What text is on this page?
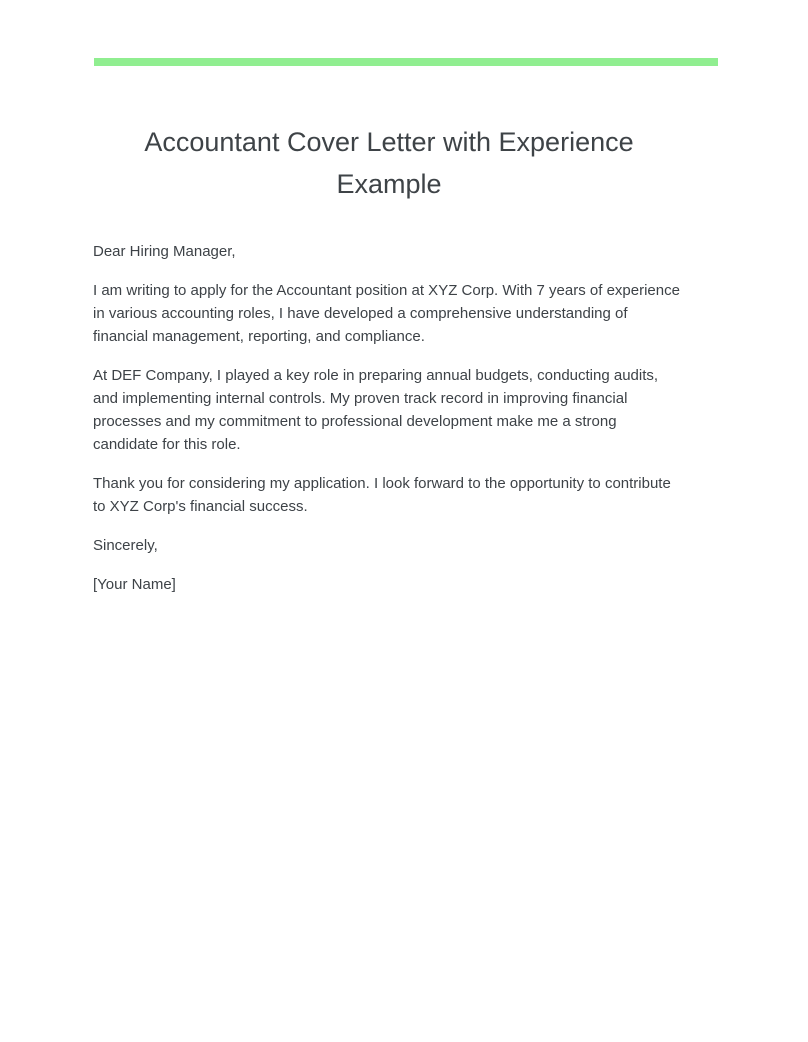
Accountant Cover Letter with Experience Example

Dear Hiring Manager,

I am writing to apply for the Accountant position at XYZ Corp. With 7 years of experience in various accounting roles, I have developed a comprehensive understanding of financial management, reporting, and compliance.

At DEF Company, I played a key role in preparing annual budgets, conducting audits, and implementing internal controls. My proven track record in improving financial processes and my commitment to professional development make me a strong candidate for this role.

Thank you for considering my application. I look forward to the opportunity to contribute to XYZ Corp's financial success.

Sincerely,

[Your Name]
